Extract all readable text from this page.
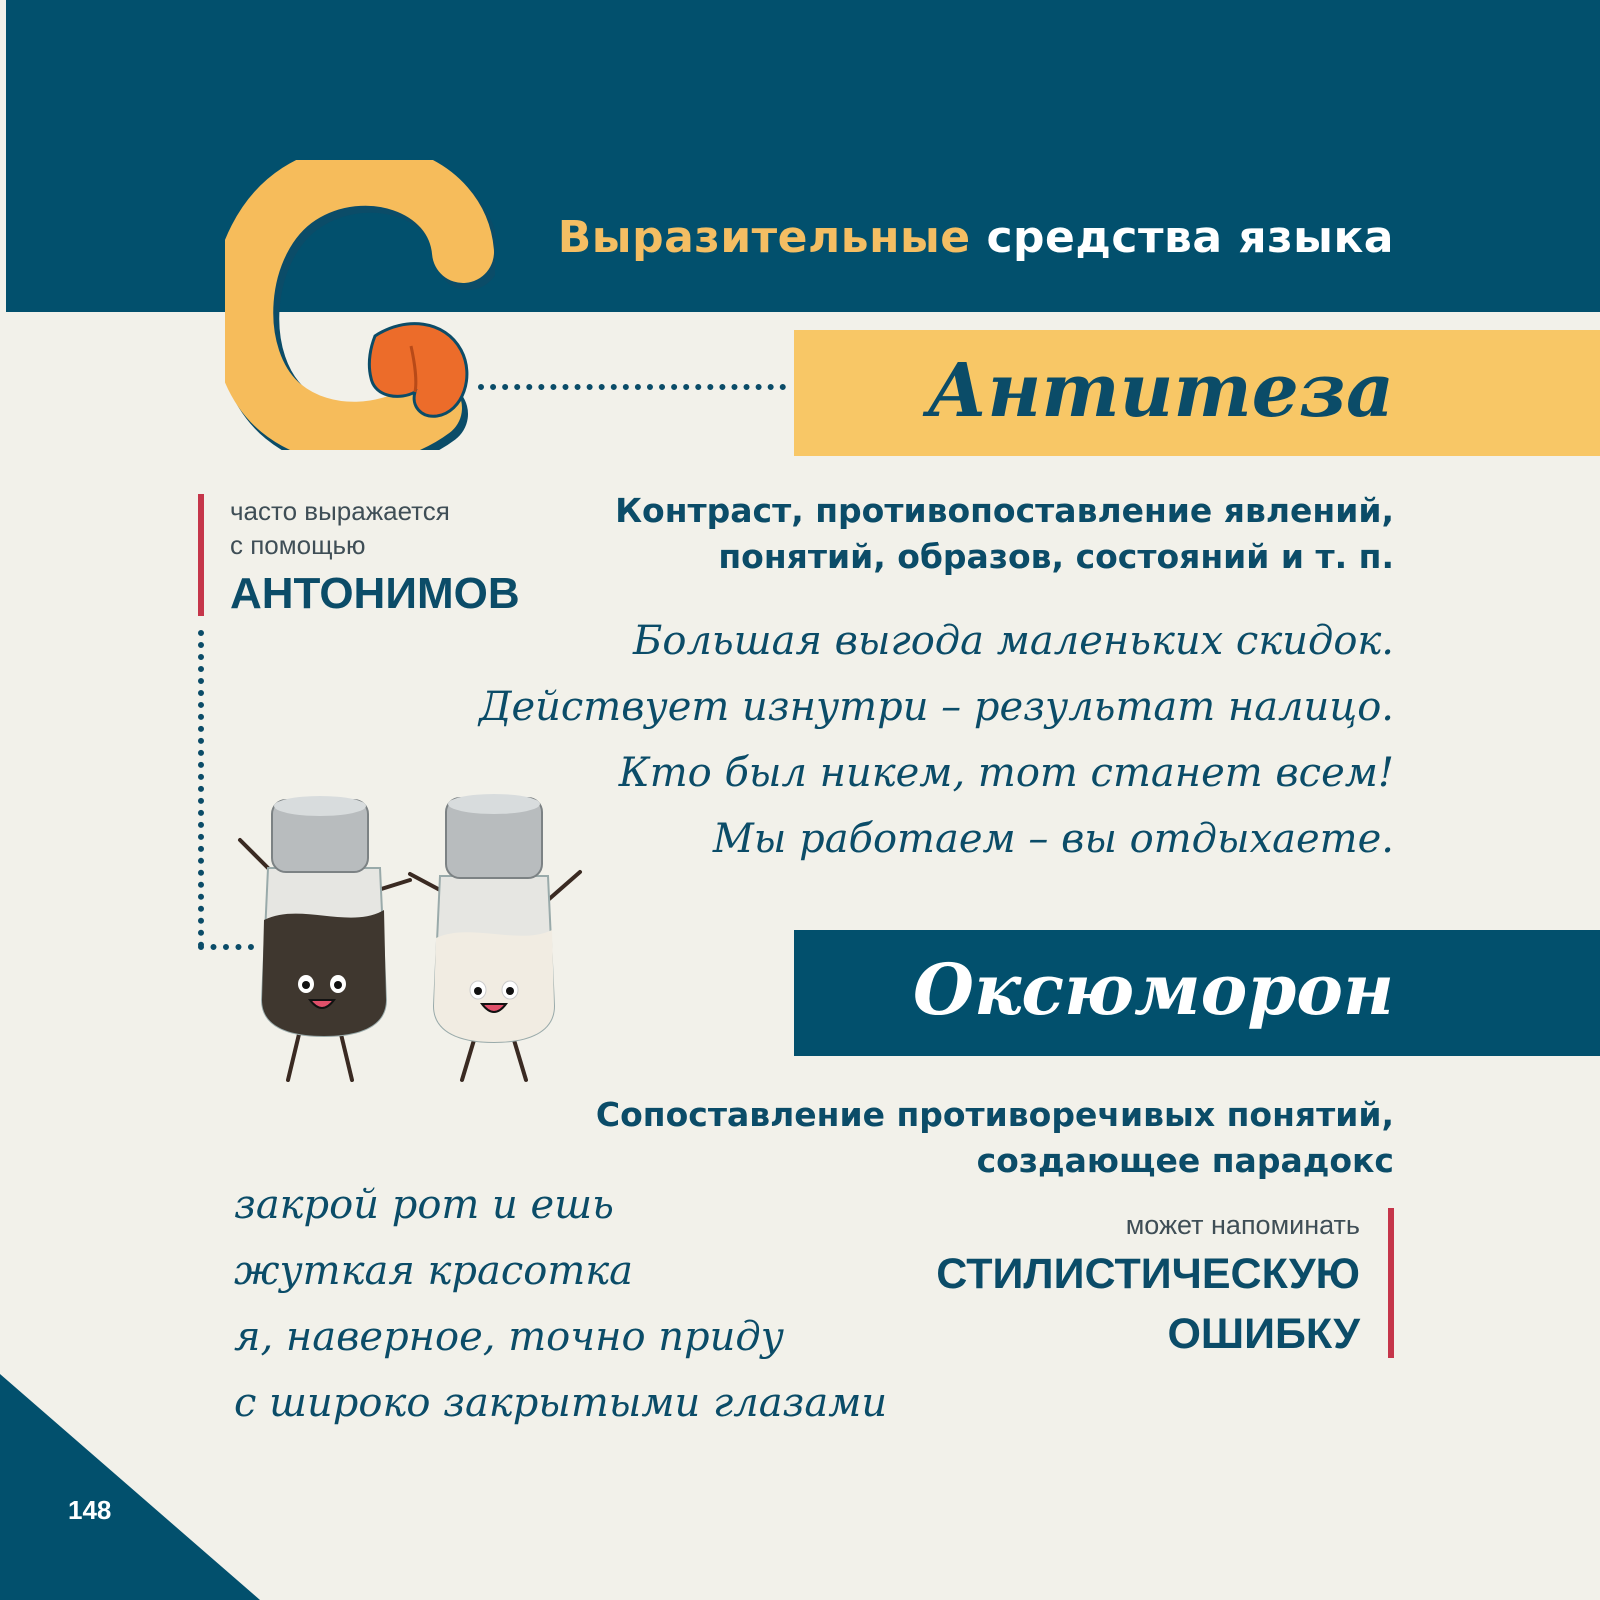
Выразительные средства языка
Антитеза
часто выражается
с помощью
АНТОНИМОВ
Контраст, противопоставление явлений,
понятий, образов, состояний и т. п.
Большая выгода маленьких скидок.
Действует изнутри – результат налицо.
Кто был никем, тот станет всем!
Мы работаем – вы отдыхаете.
Оксюморон
Сопоставление противоречивых понятий,
создающее парадокс
закрой рот и ешь
жуткая красотка
я, наверное, точно приду
с широко закрытыми глазами
может напоминать
СТИЛИСТИЧЕСКУЮ
ОШИБКУ
148
